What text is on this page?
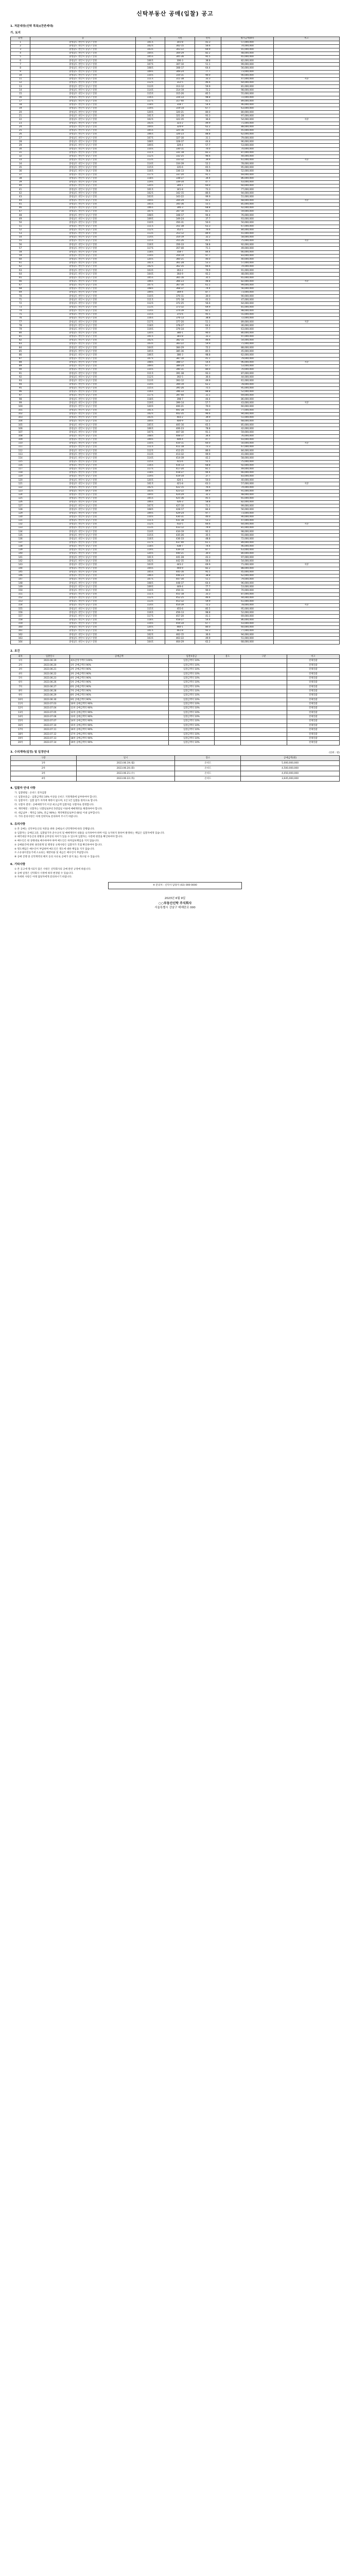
신탁부동산 공매(입찰) 공고
1. 처분대상(신탁 목록)(잔존세대)
가. 토지
순번	동	호	지번	면적	평가금액(m²)	비고
1	충청남도 천안시 동남구 일원	101호	301-8	43.3	57,000,000	
2	충청남도 천안시 동남구 일원	102호	302-15	56.6	74,000,000	
3	충청남도 천안시 동남구 일원	103호	303-22	69.9	91,000,000	
4	충청남도 천안시 동남구 일원	104호	304-29	82.2	48,000,000	
5	충청남도 천안시 동남구 일원	105호	305-36	95.5	65,000,000	
6	충청남도 천안시 동남구 일원	106호	306-3	38.8	82,000,000	
7	충청남도 천안시 동남구 일원	107호	307-10	51.1	99,000,000	
8	충청남도 천안시 동남구 일원	108호	308-17	64.4	56,000,000	
9	충청남도 천안시 동남구 일원	109호	309-24	77.7	73,000,000	
10	충청남도 천안시 동남구 일원	110호	310-31	90.0	90,000,000	
11	충청남도 천안시 동남구 일원	111호	311-38	33.3	47,000,000	지분
12	충청남도 천안시 동남구 일원	112호	312-5	46.6	64,000,000	
13	충청남도 천안시 동남구 일원	113호	313-12	59.9	81,000,000	
14	충청남도 천안시 동남구 일원	114호	314-19	72.2	98,000,000	
15	충청남도 천안시 동남구 일원	115호	315-26	85.5	55,000,000	
16	충청남도 천안시 동남구 일원	116호	316-33	98.8	72,000,000	
17	충청남도 천안시 동남구 일원	117호	317-40	41.1	89,000,000	
18	충청남도 천안시 동남구 일원	118호	318-7	54.4	46,000,000	
19	충청남도 천안시 동남구 일원	119호	319-14	67.7	63,000,000	
20	충청남도 천안시 동남구 일원	120호	320-21	80.0	80,000,000	
21	충청남도 천안시 동남구 일원	101호	321-28	93.3	97,000,000	
22	충청남도 천안시 동남구 일원	102호	322-35	36.6	54,000,000	지분
23	충청남도 천안시 동남구 일원	103호	323-2	49.9	71,000,000	
24	충청남도 천안시 동남구 일원	104호	324-9	62.2	88,000,000	
25	충청남도 천안시 동남구 일원	105호	325-16	75.5	45,000,000	
26	충청남도 천안시 동남구 일원	106호	326-23	88.8	62,000,000	
27	충청남도 천안시 동남구 일원	107호	327-30	31.1	79,000,000	
28	충청남도 천안시 동남구 일원	108호	328-37	44.4	96,000,000	
29	충청남도 천안시 동남구 일원	109호	329-4	57.7	53,000,000	
30	충청남도 천안시 동남구 일원	110호	330-11	70.0	70,000,000	
31	충청남도 천안시 동남구 일원	111호	331-18	83.3	87,000,000	
32	충청남도 천안시 동남구 일원	112호	332-25	96.6	44,000,000	
33	충청남도 천안시 동남구 일원	113호	333-32	39.9	61,000,000	지분
34	충청남도 천안시 동남구 일원	114호	334-39	52.2	78,000,000	
35	충청남도 천안시 동남구 일원	115호	335-6	65.5	95,000,000	
36	충청남도 천안시 동남구 일원	116호	336-13	78.8	52,000,000	
37	충청남도 천안시 동남구 일원	117호	337-20	91.1	69,000,000	
38	충청남도 천안시 동남구 일원	118호	338-27	34.4	86,000,000	
39	충청남도 천안시 동남구 일원	119호	339-34	47.7	43,000,000	
40	충청남도 천안시 동남구 일원	120호	340-1	60.0	60,000,000	
41	충청남도 천안시 동남구 일원	101호	341-8	73.3	77,000,000	
42	충청남도 천안시 동남구 일원	102호	342-15	86.6	94,000,000	
43	충청남도 천안시 동남구 일원	103호	343-22	99.9	51,000,000	
44	충청남도 천안시 동남구 일원	104호	344-29	42.2	68,000,000	지분
45	충청남도 천안시 동남구 일원	105호	345-36	55.5	85,000,000	
46	충청남도 천안시 동남구 일원	106호	346-3	68.8	42,000,000	
47	충청남도 천안시 동남구 일원	107호	347-10	81.1	59,000,000	
48	충청남도 천안시 동남구 일원	108호	348-17	94.4	76,000,000	
49	충청남도 천안시 동남구 일원	109호	349-24	37.7	93,000,000	
50	충청남도 천안시 동남구 일원	110호	350-31	50.0	50,000,000	
51	충청남도 천안시 동남구 일원	111호	351-38	63.3	67,000,000	
52	충청남도 천안시 동남구 일원	112호	352-5	76.6	84,000,000	
53	충청남도 천안시 동남구 일원	113호	353-12	89.9	41,000,000	
54	충청남도 천안시 동남구 일원	114호	354-19	32.2	58,000,000	
55	충청남도 천안시 동남구 일원	115호	355-26	45.5	75,000,000	지분
56	충청남도 천안시 동남구 일원	116호	356-33	58.8	92,000,000	
57	충청남도 천안시 동남구 일원	117호	357-40	71.1	49,000,000	
58	충청남도 천안시 동남구 일원	118호	358-7	84.4	66,000,000	
59	충청남도 천안시 동남구 일원	119호	359-14	97.7	83,000,000	
60	충청남도 천안시 동남구 일원	120호	360-21	40.0	40,000,000	
61	충청남도 천안시 동남구 일원	101호	361-28	53.3	57,000,000	
62	충청남도 천안시 동남구 일원	102호	362-35	66.6	74,000,000	
63	충청남도 천안시 동남구 일원	103호	363-2	79.9	91,000,000	
64	충청남도 천안시 동남구 일원	104호	364-9	92.2	48,000,000	
65	충청남도 천안시 동남구 일원	105호	365-16	35.5	65,000,000	
66	충청남도 천안시 동남구 일원	106호	366-23	48.8	82,000,000	지분
67	충청남도 천안시 동남구 일원	107호	367-30	61.1	99,000,000	
68	충청남도 천안시 동남구 일원	108호	368-37	74.4	56,000,000	
69	충청남도 천안시 동남구 일원	109호	369-4	87.7	73,000,000	
70	충청남도 천안시 동남구 일원	110호	370-11	30.0	90,000,000	
71	충청남도 천안시 동남구 일원	111호	371-18	43.3	47,000,000	
72	충청남도 천안시 동남구 일원	112호	372-25	56.6	64,000,000	
73	충청남도 천안시 동남구 일원	113호	373-32	69.9	81,000,000	
74	충청남도 천안시 동남구 일원	114호	374-39	82.2	98,000,000	
75	충청남도 천안시 동남구 일원	115호	375-6	95.5	55,000,000	
76	충청남도 천안시 동남구 일원	116호	376-13	38.8	72,000,000	
77	충청남도 천안시 동남구 일원	117호	377-20	51.1	89,000,000	지분
78	충청남도 천안시 동남구 일원	118호	378-27	64.4	46,000,000	
79	충청남도 천안시 동남구 일원	119호	379-34	77.7	63,000,000	
80	충청남도 천안시 동남구 일원	120호	380-1	90.0	80,000,000	
81	충청남도 천안시 동남구 일원	101호	381-8	33.3	97,000,000	
82	충청남도 천안시 동남구 일원	102호	382-15	46.6	54,000,000	
83	충청남도 천안시 동남구 일원	103호	383-22	59.9	71,000,000	
84	충청남도 천안시 동남구 일원	104호	384-29	72.2	88,000,000	
85	충청남도 천안시 동남구 일원	105호	385-36	85.5	45,000,000	
86	충청남도 천안시 동남구 일원	106호	386-3	98.8	62,000,000	
87	충청남도 천안시 동남구 일원	107호	387-10	41.1	79,000,000	
88	충청남도 천안시 동남구 일원	108호	388-17	54.4	96,000,000	지분
89	충청남도 천안시 동남구 일원	109호	389-24	67.7	53,000,000	
90	충청남도 천안시 동남구 일원	110호	390-31	80.0	70,000,000	
91	충청남도 천안시 동남구 일원	111호	391-38	93.3	87,000,000	
92	충청남도 천안시 동남구 일원	112호	392-5	36.6	44,000,000	
93	충청남도 천안시 동남구 일원	113호	393-12	49.9	61,000,000	
94	충청남도 천안시 동남구 일원	114호	394-19	62.2	78,000,000	
95	충청남도 천안시 동남구 일원	115호	395-26	75.5	95,000,000	
96	충청남도 천안시 동남구 일원	116호	396-33	88.8	52,000,000	
97	충청남도 천안시 동남구 일원	117호	397-40	31.1	69,000,000	
98	충청남도 천안시 동남구 일원	118호	398-7	44.4	86,000,000	
99	충청남도 천안시 동남구 일원	119호	399-14	57.7	43,000,000	지분
100	충청남도 천안시 동남구 일원	120호	400-21	70.0	60,000,000	
101	충청남도 천안시 동남구 일원	101호	401-28	83.3	77,000,000	
102	충청남도 천안시 동남구 일원	102호	402-35	96.6	94,000,000	
103	충청남도 천안시 동남구 일원	103호	403-2	39.9	51,000,000	
104	충청남도 천안시 동남구 일원	104호	404-9	52.2	68,000,000	
105	충청남도 천안시 동남구 일원	105호	405-16	65.5	85,000,000	
106	충청남도 천안시 동남구 일원	106호	406-23	78.8	42,000,000	
107	충청남도 천안시 동남구 일원	107호	407-30	91.1	59,000,000	
108	충청남도 천안시 동남구 일원	108호	408-37	34.4	76,000,000	
109	충청남도 천안시 동남구 일원	109호	409-4	47.7	93,000,000	
110	충청남도 천안시 동남구 일원	110호	410-11	60.0	50,000,000	지분
111	충청남도 천안시 동남구 일원	111호	411-18	73.3	67,000,000	
112	충청남도 천안시 동남구 일원	112호	412-25	86.6	84,000,000	
113	충청남도 천안시 동남구 일원	113호	413-32	99.9	41,000,000	
114	충청남도 천안시 동남구 일원	114호	414-39	42.2	58,000,000	
115	충청남도 천안시 동남구 일원	115호	415-6	55.5	75,000,000	
116	충청남도 천안시 동남구 일원	116호	416-13	68.8	92,000,000	
117	충청남도 천안시 동남구 일원	117호	417-20	81.1	49,000,000	
118	충청남도 천안시 동남구 일원	118호	418-27	94.4	66,000,000	
119	충청남도 천안시 동남구 일원	119호	419-34	37.7	83,000,000	
120	충청남도 천안시 동남구 일원	120호	420-1	50.0	40,000,000	
121	충청남도 천안시 동남구 일원	101호	421-8	63.3	57,000,000	지분
122	충청남도 천안시 동남구 일원	102호	422-15	76.6	74,000,000	
123	충청남도 천안시 동남구 일원	103호	423-22	89.9	91,000,000	
124	충청남도 천안시 동남구 일원	104호	424-29	32.2	48,000,000	
125	충청남도 천안시 동남구 일원	105호	425-36	45.5	65,000,000	
126	충청남도 천안시 동남구 일원	106호	426-3	58.8	82,000,000	
127	충청남도 천안시 동남구 일원	107호	427-10	71.1	99,000,000	
128	충청남도 천안시 동남구 일원	108호	428-17	84.4	56,000,000	
129	충청남도 천안시 동남구 일원	109호	429-24	97.7	73,000,000	
130	충청남도 천안시 동남구 일원	110호	430-31	40.0	90,000,000	
131	충청남도 천안시 동남구 일원	111호	431-38	53.3	47,000,000	
132	충청남도 천안시 동남구 일원	112호	432-5	66.6	64,000,000	지분
133	충청남도 천안시 동남구 일원	113호	433-12	79.9	81,000,000	
134	충청남도 천안시 동남구 일원	114호	434-19	92.2	98,000,000	
135	충청남도 천안시 동남구 일원	115호	435-26	35.5	55,000,000	
136	충청남도 천안시 동남구 일원	116호	436-33	48.8	72,000,000	
137	충청남도 천안시 동남구 일원	117호	437-40	61.1	89,000,000	
138	충청남도 천안시 동남구 일원	118호	438-7	74.4	46,000,000	
139	충청남도 천안시 동남구 일원	119호	439-14	87.7	63,000,000	
140	충청남도 천안시 동남구 일원	120호	440-21	30.0	80,000,000	
141	충청남도 천안시 동남구 일원	101호	441-28	43.3	97,000,000	
142	충청남도 천안시 동남구 일원	102호	442-35	56.6	54,000,000	
143	충청남도 천안시 동남구 일원	103호	443-2	69.9	71,000,000	지분
144	충청남도 천안시 동남구 일원	104호	444-9	82.2	88,000,000	
145	충청남도 천안시 동남구 일원	105호	445-16	95.5	45,000,000	
146	충청남도 천안시 동남구 일원	106호	446-23	38.8	62,000,000	
147	충청남도 천안시 동남구 일원	107호	447-30	51.1	79,000,000	
148	충청남도 천안시 동남구 일원	108호	448-37	64.4	96,000,000	
149	충청남도 천안시 동남구 일원	109호	449-4	77.7	53,000,000	
150	충청남도 천안시 동남구 일원	110호	450-11	90.0	70,000,000	
151	충청남도 천안시 동남구 일원	111호	451-18	33.3	87,000,000	
152	충청남도 천안시 동남구 일원	112호	452-25	46.6	44,000,000	
153	충청남도 천안시 동남구 일원	113호	453-32	59.9	61,000,000	
154	충청남도 천안시 동남구 일원	114호	454-39	72.2	78,000,000	지분
155	충청남도 천안시 동남구 일원	115호	455-6	85.5	95,000,000	
156	충청남도 천안시 동남구 일원	116호	456-13	98.8	52,000,000	
157	충청남도 천안시 동남구 일원	117호	457-20	41.1	69,000,000	
158	충청남도 천안시 동남구 일원	118호	458-27	54.4	86,000,000	
159	충청남도 천안시 동남구 일원	119호	459-34	67.7	43,000,000	
160	충청남도 천안시 동남구 일원	120호	460-1	80.0	60,000,000	
161	충청남도 천안시 동남구 일원	101호	461-8	93.3	77,000,000	
162	충청남도 천안시 동남구 일원	102호	462-15	36.6	94,000,000	
163	충청남도 천안시 동남구 일원	103호	463-22	49.9	51,000,000	
164	충청남도 천안시 동남구 일원	104호	464-29	62.2	68,000,000	
2. 조건
회차	입찰일시	공매금액	입찰보증금	용도	구분	비고
1차	2023.06.19	최초감정가액의 100%	입찰금액의 10%			전체일괄
2차	2023.06.20	1차 공매금액의 90%	입찰금액의 10%			전체일괄
3차	2023.06.21	2차 공매금액의 90%	입찰금액의 10%			전체일괄
4차	2023.06.22	3차 공매금액의 90%	입찰금액의 10%			전체일괄
5차	2023.06.23	4차 공매금액의 90%	입찰금액의 10%			전체일괄
6차	2023.06.26	5차 공매금액의 90%	입찰금액의 10%			전체일괄
7차	2023.06.27	6차 공매금액의 90%	입찰금액의 10%			전체일괄
8차	2023.06.28	7차 공매금액의 90%	입찰금액의 10%			전체일괄
9차	2023.06.29	8차 공매금액의 90%	입찰금액의 10%			전체일괄
10차	2023.06.30	9차 공매금액의 90%	입찰금액의 10%			전체일괄
11차	2023.07.03	10차 공매금액의 90%	입찰금액의 10%			전체일괄
12차	2023.07.04	11차 공매금액의 90%	입찰금액의 10%			전체일괄
13차	2023.07.05	12차 공매금액의 90%	입찰금액의 10%			전체일괄
14차	2023.07.06	13차 공매금액의 90%	입찰금액의 10%			전체일괄
15차	2023.07.07	14차 공매금액의 90%	입찰금액의 10%			전체일괄
16차	2023.07.10	15차 공매금액의 90%	입찰금액의 10%			전체일괄
17차	2023.07.11	16차 공매금액의 90%	입찰금액의 10%			전체일괄
18차	2023.07.12	17차 공매금액의 90%	입찰금액의 10%			전체일괄
19차	2023.07.13	18차 공매금액의 90%	입찰금액의 10%			전체일괄
20차	2023.07.14	19차 공매금액의 90%	입찰금액의 10%			전체일괄
3. 수의계약(일정) 및 일정안내	(단위 : 원)
구분	일시	장소	공매금액(원)
1차	2023.06.19.(월)	온비드	5,000,000,000
2차	2023.06.20.(화)	온비드	4,500,000,000
3차	2023.06.21.(수)	온비드	4,050,000,000
4차	2023.06.22.(목)	온비드	3,645,000,000
4. 입찰자 안내 사항

가. 입찰방법 : 온비드 전자입찰

나. 입찰보증금 : 입찰금액의 10% 이상을 온비드 지정계좌에 납부하여야 합니다.

다. 입찰자격 : 입찰 참가 자격에 제한이 없으며, 1인 1건 입찰을 원칙으로 합니다.

라. 낙찰자 결정 : 공매예정가격 이상 최고금액 입찰자를 낙찰자로 결정합니다.

마. 계약체결 : 낙찰자는 낙찰일로부터 5영업일 이내에 매매계약을 체결하여야 합니다.

바. 대금납부 : 계약금 10%, 잔금 90%는 계약체결일로부터 60일 이내 납부합니다.

사. 기타 문의사항은 아래 연락처로 문의하여 주시기 바랍니다.

5. 유의사항

① 본 공매는 신탁부동산의 처분을 위한 공매로서 신탁계약에 따라 진행됩니다.

② 입찰자는 공매공고문, 입찰참가자 준수규칙 및 매매계약서 내용을 숙지하여야 하며 이를 숙지하지 못하여 발생하는 책임은 입찰자에게 있습니다.

③ 매각대상 부동산의 현황과 공부상의 차이가 있을 수 있으며 입찰자는 사전에 현장을 확인하여야 합니다.

④ 매수인은 현 상태대로 매수하여야 하며 매도인은 하자담보책임을 지지 않습니다.

⑤ 공매물건에 관한 권리관계 및 행정상 규제사항은 입찰자가 직접 확인하여야 합니다.

⑥ 명도책임은 매수인이 부담하며 매도인은 명도에 대한 책임을 지지 않습니다.

⑦ 소유권이전등기에 소요되는 제반비용 및 세금은 매수인이 부담합니다.

⑧ 공매 진행 중 신탁계약의 해지 등의 사유로 공매가 중지 또는 취소될 수 있습니다.

6. 기타사항

① 본 공고에 명시되지 않은 사항은 신탁회사의 공매 관련 규정에 따릅니다.

② 공매 일정은 신탁회사 사정에 따라 변경될 수 있습니다.

③ 자세한 사항은 아래 담당자에게 문의하시기 바랍니다.

※ 문의처 : 신탁사 담당자 (02) 000-0000
2023년 6월 9일
○○부동산신탁 주식회사
서울특별시 강남구 테헤란로 000
